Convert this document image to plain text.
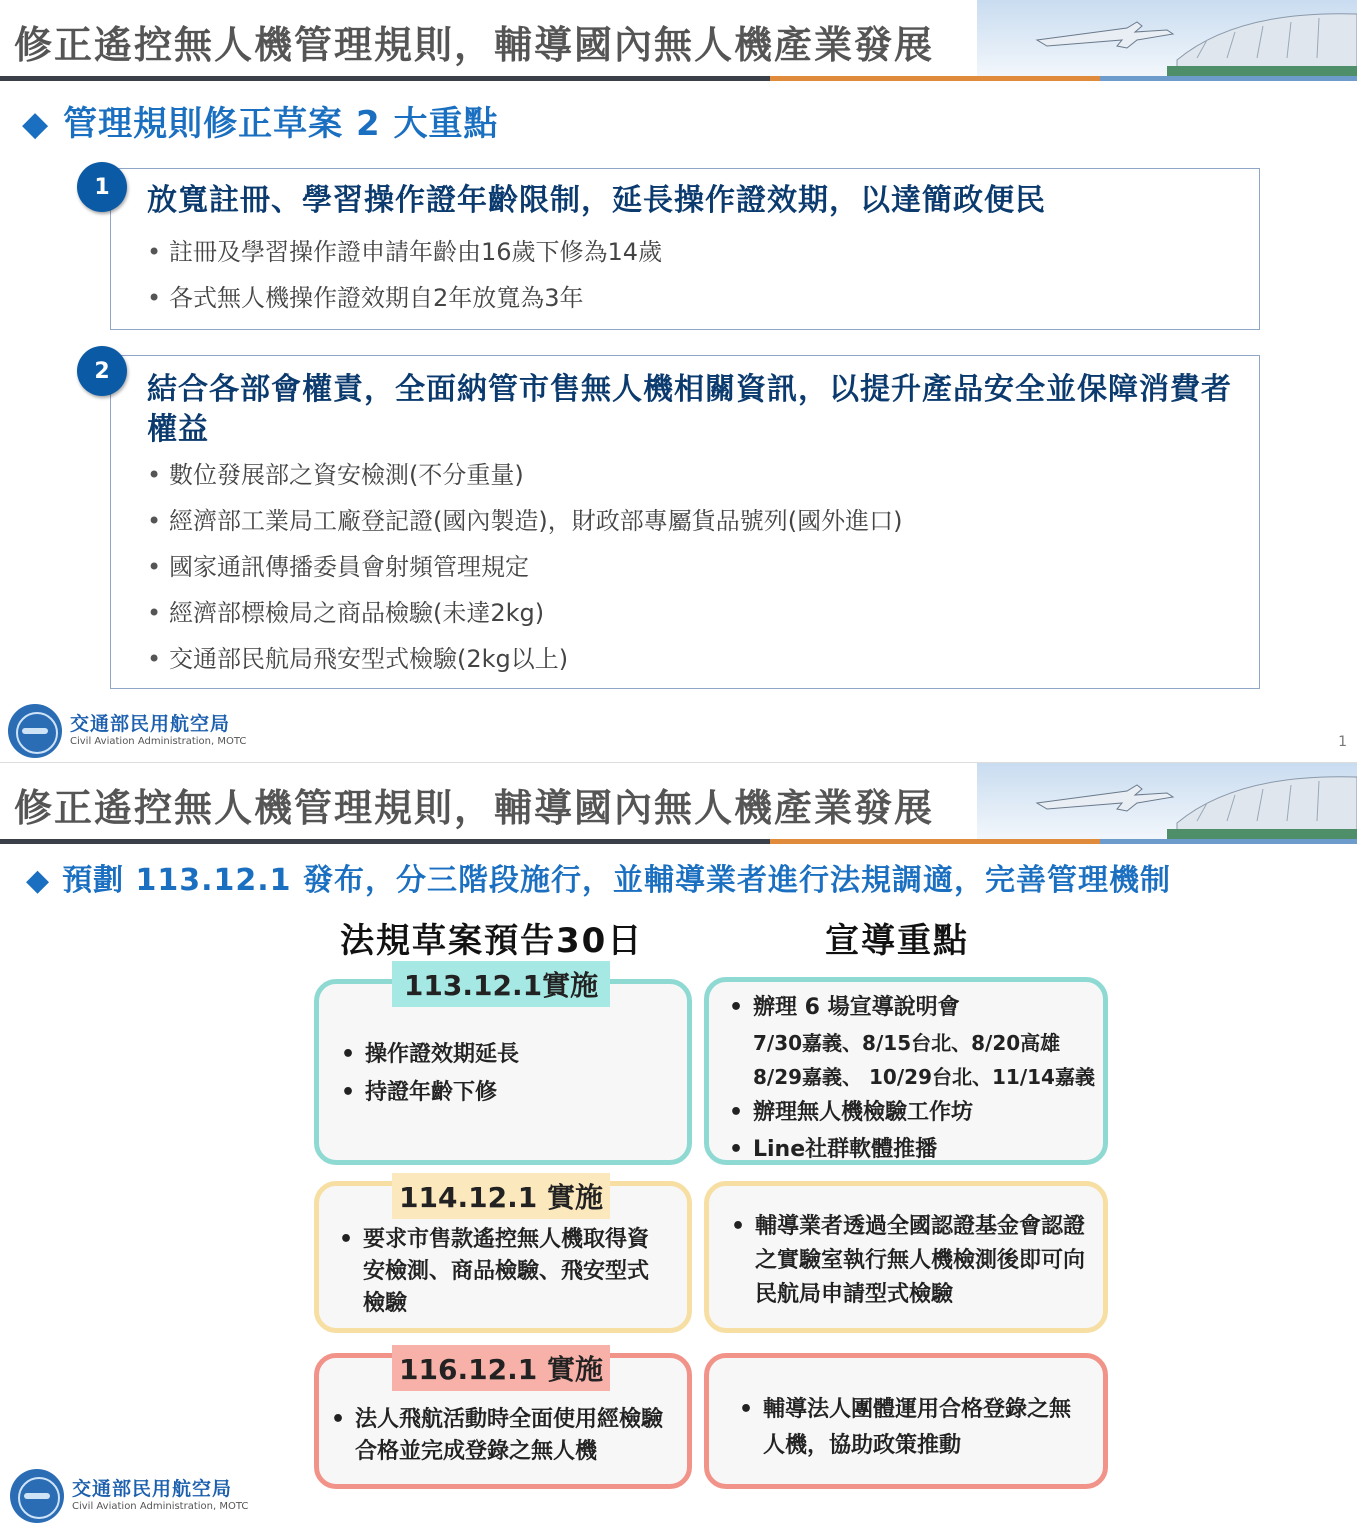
修正遙控無人機管理規則，輔導國內無人機產業發展
◆ 管理規則修正草案 2 大重點
放寬註冊、學習操作證年齡限制，延長操作證效期，以達簡政便民
• 註冊及學習操作證申請年齡由16歲下修為14歲
• 各式無人機操作證效期自2年放寬為3年
1
結合各部會權責，全面納管市售無人機相關資訊，以提升產品安全並保障消費者權益
• 數位發展部之資安檢測(不分重量)
• 經濟部工業局工廠登記證(國內製造)，財政部專屬貨品號列(國外進口)
• 國家通訊傳播委員會射頻管理規定
• 經濟部標檢局之商品檢驗(未達2kg)
• 交通部民航局飛安型式檢驗(2kg以上)
2
交通部民用航空局
Civil Aviation Administration, MOTC	1
修正遙控無人機管理規則，輔導國內無人機產業發展
◆ 預劃 113.12.1 發布，分三階段施行，並輔導業者進行法規調適，完善管理機制
法規草案預告30日	宣導重點
• 操作證效期延長
• 持證年齡下修
113.12.1實施
• 辦理 6 場宣導說明會
7/30嘉義、8/15台北、8/20高雄
8/29嘉義、 10/29台北、11/14嘉義
• 辦理無人機檢驗工作坊
• Line社群軟體推播
• 要求市售款遙控無人機取得資安檢測、商品檢驗、飛安型式檢驗
114.12.1 實施
• 輔導業者透過全國認證基金會認證之實驗室執行無人機檢測後即可向民航局申請型式檢驗
• 法人飛航活動時全面使用經檢驗合格並完成登錄之無人機
116.12.1 實施
• 輔導法人團體運用合格登錄之無人機，協助政策推動
交通部民用航空局
Civil Aviation Administration, MOTC
